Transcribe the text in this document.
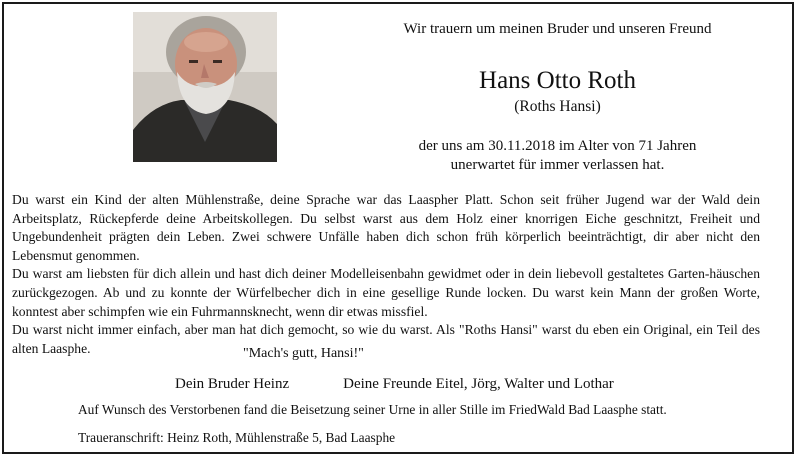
Wir trauern um meinen Bruder und unseren Freund
Hans Otto Roth
(Roths Hansi)
der uns am 30.11.2018 im Alter von 71 Jahren
unerwartet für immer verlassen hat.

Du warst ein Kind der alten Mühlenstraße, deine Sprache war das Laaspher Platt. Schon seit früher Jugend war der Wald dein Arbeitsplatz, Rückepferde deine Arbeitskollegen. Du selbst warst aus dem Holz einer knorrigen Eiche geschnitzt, Freiheit und Ungebundenheit prägten dein Leben. Zwei schwere Unfälle haben dich schon früh körperlich beeinträchtigt, dir aber nicht den Lebensmut genommen.

Du warst am liebsten für dich allein und hast dich deiner Modelleisenbahn gewidmet oder in dein liebevoll gestaltetes Garten-häuschen zurückgezogen. Ab und zu konnte der Würfelbecher dich in eine gesellige Runde locken. Du warst kein Mann der großen Worte, konntest aber schimpfen wie ein Fuhrmannsknecht, wenn dir etwas missfiel.

Du warst nicht immer einfach, aber man hat dich gemocht, so wie du warst. Als "Roths Hansi" warst du eben ein Original, ein Teil des alten Laasphe.	"Mach's gutt, Hansi!"
Dein Bruder Heinz	Deine Freunde Eitel, Jörg, Walter und Lothar
Auf Wunsch des Verstorbenen fand die Beisetzung seiner Urne in aller Stille im FriedWald Bad Laasphe statt.
Traueranschrift: Heinz Roth, Mühlenstraße 5, Bad Laasphe
